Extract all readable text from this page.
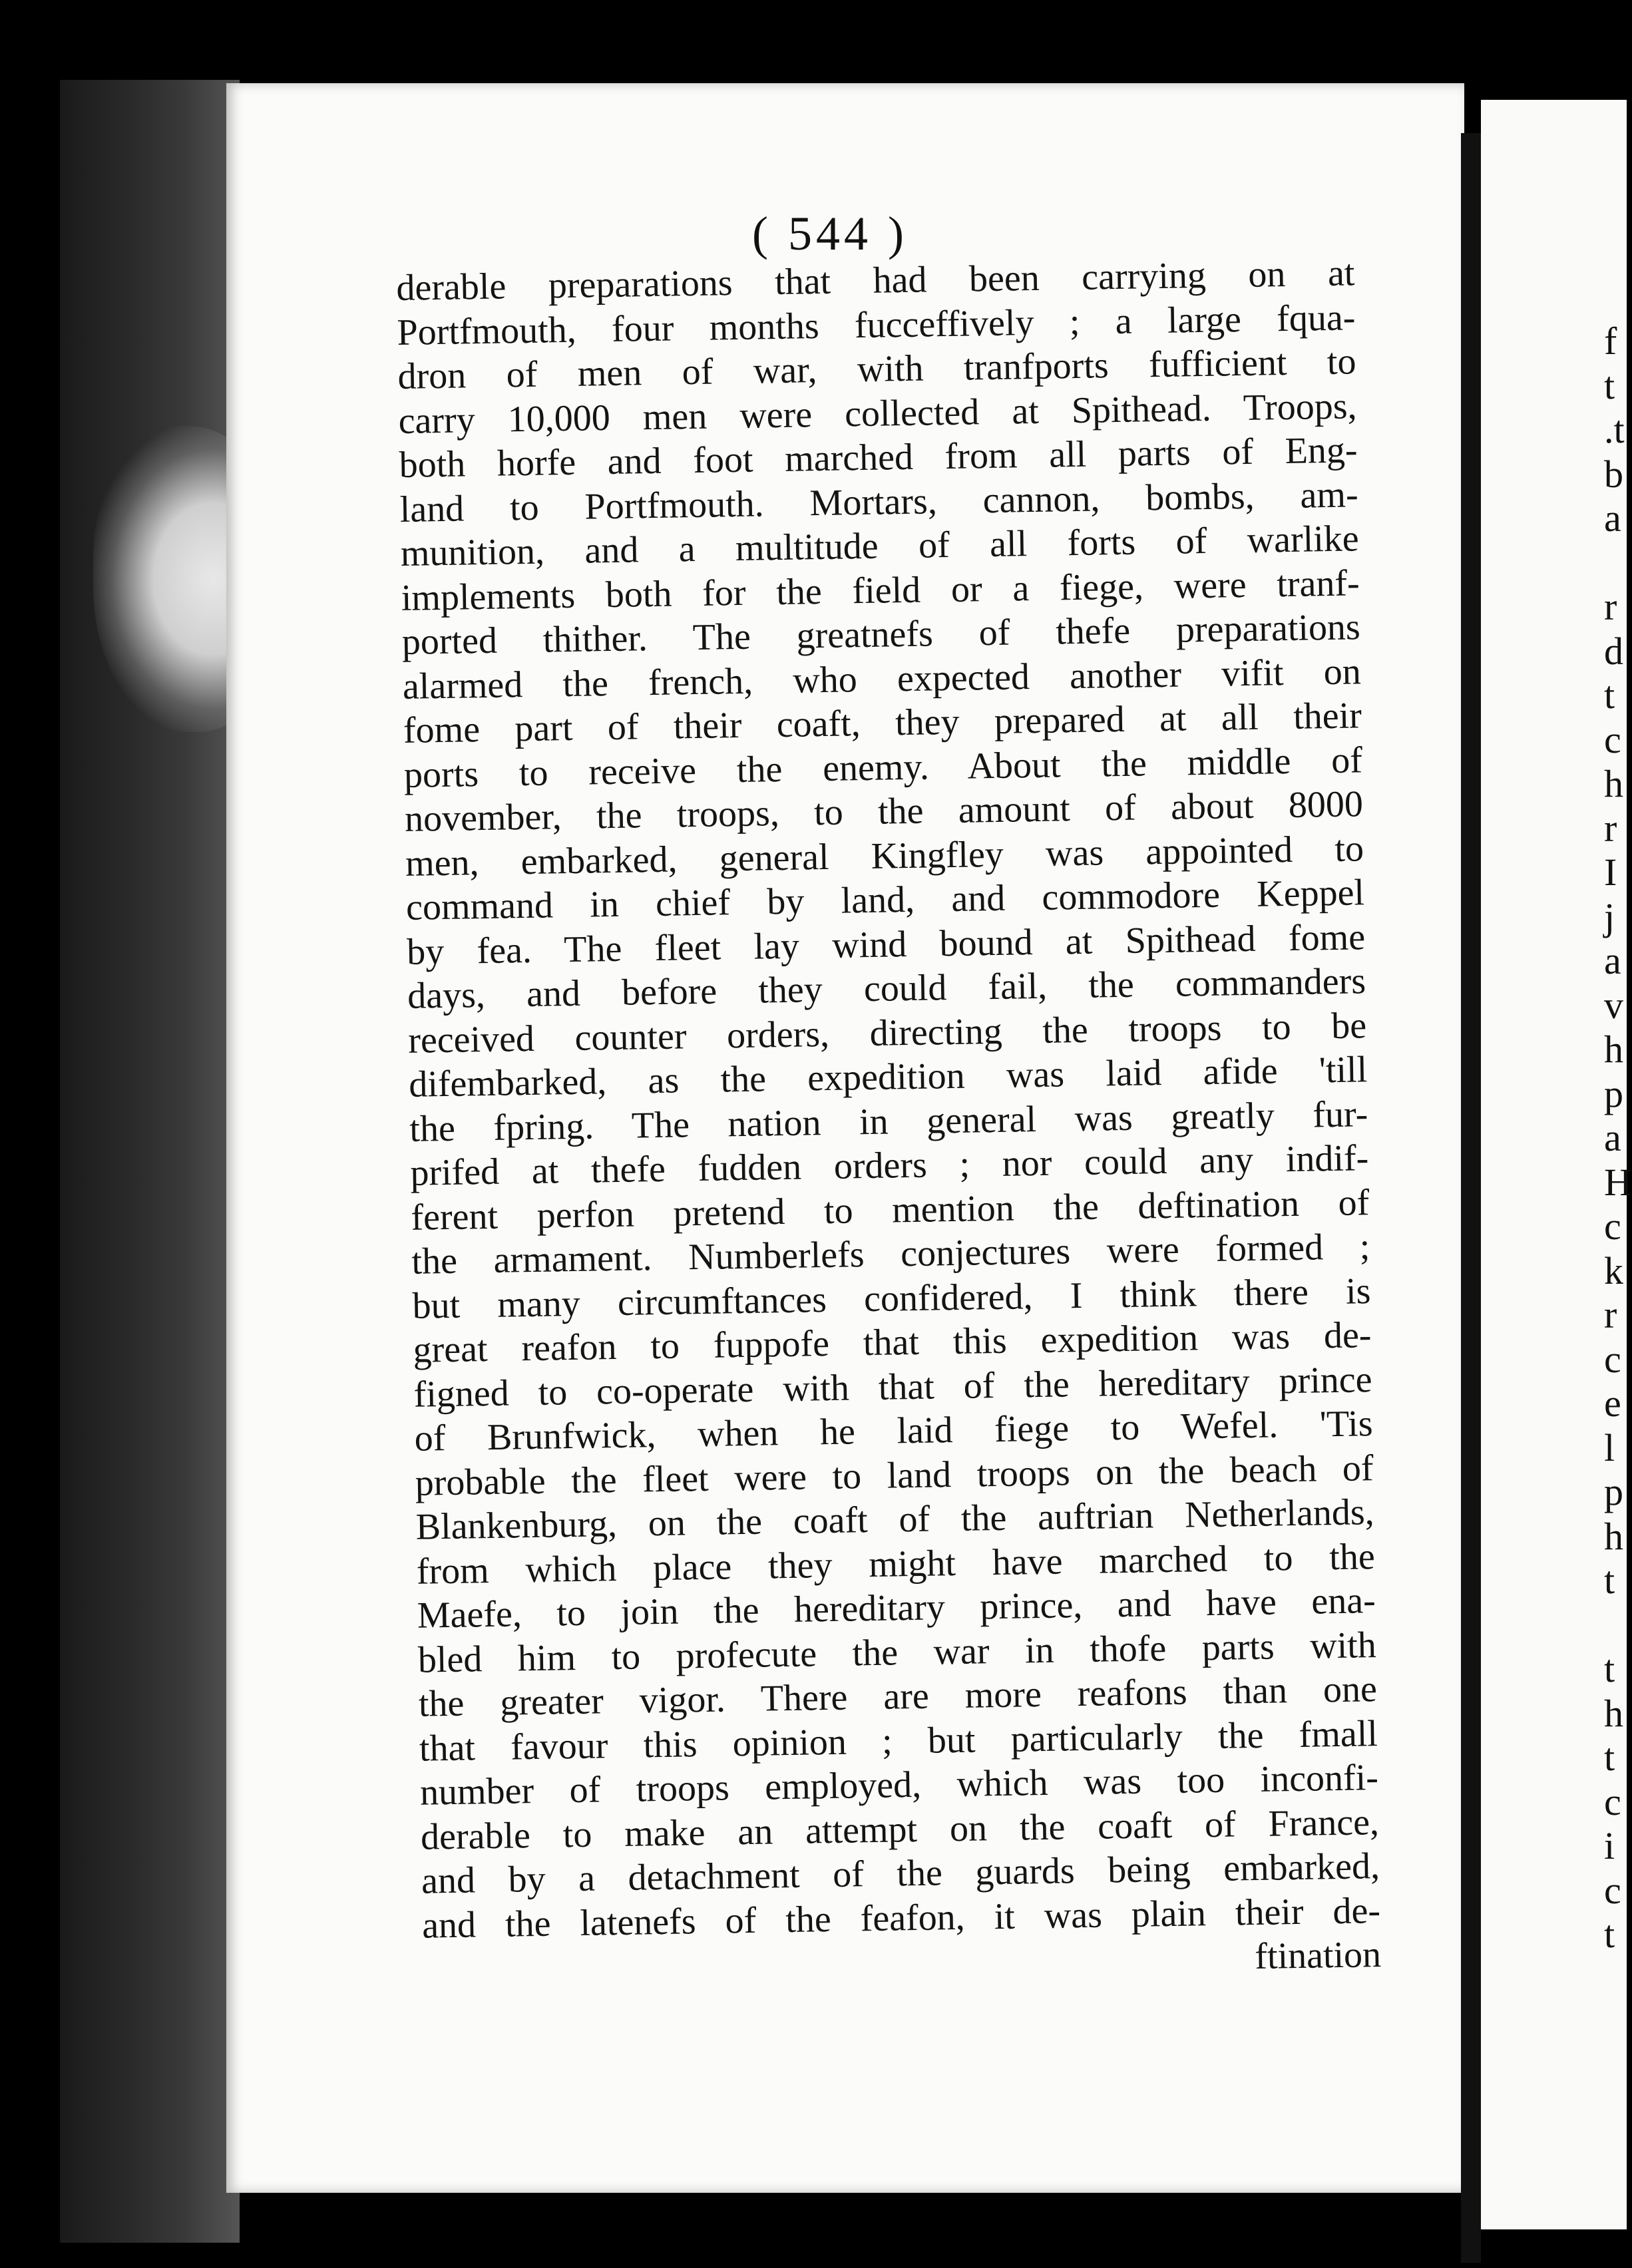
( 544 )
derable preparations that had been carrying on at
Portfmouth, four months fucceffively ; a large fqua-
dron of men of war, with tranfports fufficient to
carry 10,000 men were collected at Spithead. Troops,
both horfe and foot marched from all parts of Eng-
land to Portfmouth. Mortars, cannon, bombs, am-
munition, and a multitude of all forts of warlike
implements both for the field or a fiege, were tranf-
ported thither. The greatnefs of thefe preparations
alarmed the french, who expected another vifit on
fome part of their coaft, they prepared at all their
ports to receive the enemy. About the middle of
november, the troops, to the amount of about 8000
men, embarked, general Kingfley was appointed to
command in chief by land, and commodore Keppel
by fea. The fleet lay wind bound at Spithead fome
days, and before they could fail, the commanders
received counter orders, directing the troops to be
difembarked, as the expedition was laid afide 'till
the fpring. The nation in general was greatly fur-
prifed at thefe fudden orders ; nor could any indif-
ferent perfon pretend to mention the deftination of
the armament. Numberlefs conjectures were formed ;
but many circumftances confidered, I think there is
great reafon to fuppofe that this expedition was de-
figned to co-operate with that of the hereditary prince
of Brunfwick, when he laid fiege to Wefel. 'Tis
probable the fleet were to land troops on the beach of
Blankenburg, on the coaft of the auftrian Netherlands,
from which place they might have marched to the
Maefe, to join the hereditary prince, and have ena-
bled him to profecute the war in thofe parts with
the greater vigor. There are more reafons than one
that favour this opinion ; but particularly the fmall
number of troops employed, which was too inconfi-
derable to make an attempt on the coaft of France,
and by a detachment of the guards being embarked,
and the latenefs of the feafon, it was plain their de-
ftination
f
t
.t
b
a
r
d
t
c
h
r
I
j
a
v
h
p
a
H
c
k
r
c
e
l
p
h
t
t
h
t
c
i
c
t
